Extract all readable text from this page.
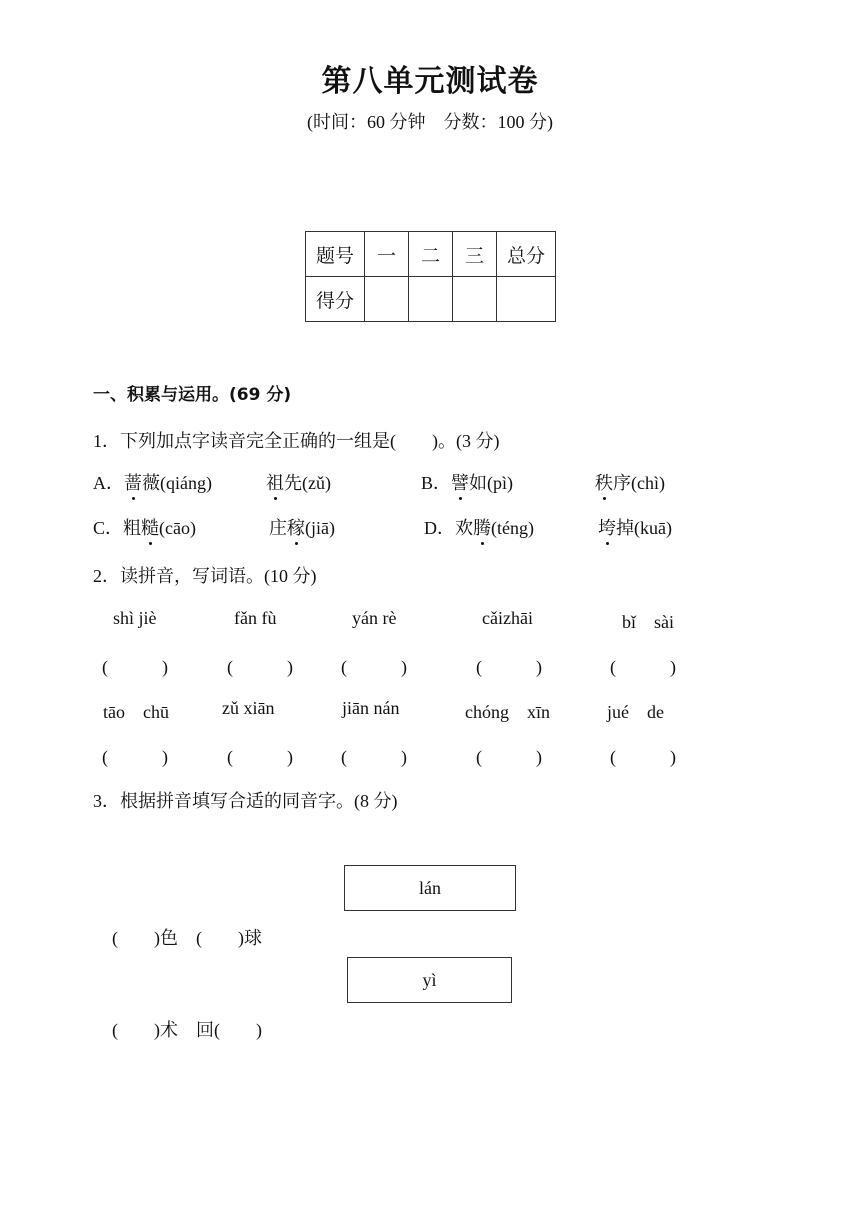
第八单元测试卷
(时间：60 分钟　分数：100 分)
题号	一	二	三	总分
得分				
一、积累与运用。(69 分)
1．下列加点字读音完全正确的一组是(　　)。(3 分)
A．蔷薇(qiáng)	祖先(zǔ)	B．譬如(pì)	秩序(chì)
C．粗糙(cāo)	庄稼(jiā)	D．欢腾(téng)	垮掉(kuā)
2．读拼音，写词语。(10 分)
shì jiè	fǎn fù	yán rè	cǎizhāi	bǐ　sài
(　　　)	(　　　)	(　　　)	(　　　)	(　　　)
tāo　chū	zǔ xiān	jiān nán	chóng　xīn	jué　de
(　　　)	(　　　)	(　　　)	(　　　)	(　　　)
3．根据拼音填写合适的同音字。(8 分)
lán
(　　)色　(　　)球
yì
(　　)术　回(　　)
